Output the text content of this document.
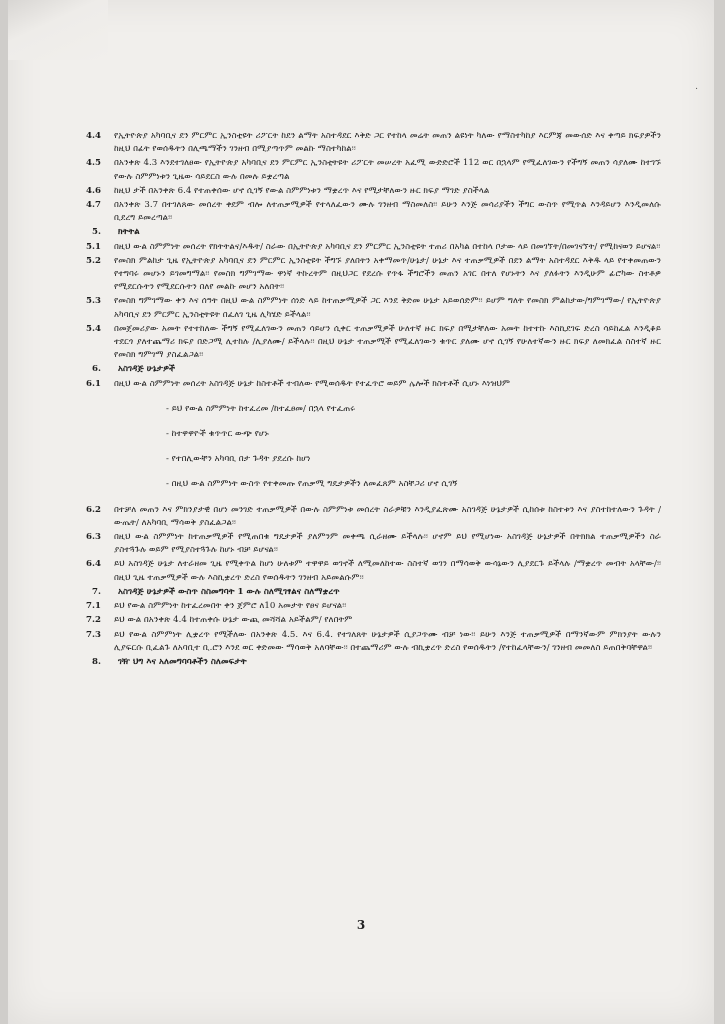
.
4.4	የኢትዮጵያ አካባቢና ደን ምርምር ኢንስቲዩት ሪፖርት ከደን ልማት አስተዳደር እቅድ ጋር የተከላ መሬት መጠን ልዩነት ካለው የማስተካከያ እርምጃ መውሰድ እና ቀጣይ ክፍያዎችን ከዚህ በፊት የወሰዱትን በሊጫማችን ገንዘብ በሚያጣጥም መልኩ ማስተካከል፡፡
4.5	በአንቀጽ 4.3 እንደተገለፀው የኢትዮጵያ አካባቢና ደን ምርምር ኢንስቲትዩት ሪፖርት መሠረት አፈሚ ውድድሮች 112 ወር በኋላም የሚፈለገውን የችግኝ መጠን ሳያለሙ ከተገኙ የውሉ ስምምነቱን ጊዜው ሳይደርስ ውሉ በመሉ ይቋረጣል
4.6	ከዚህ ታች በአንቀጽ 6.4 የተጠቀሰው ሆኖ ሲገኝ የውል ስምምነቱን ማቋረጥ እና የሚታቸለውን ዙር ክፍያ ማገድ ያስችላል
4.7	በአንቀጽ 3.7 በተገለጸው መሰረት ቀደም ብሎ ለተጠቃሚዎች የተላለፈውን ሙሉ ገንዘብ ማስመለስ፡፡ ይሁን እንጅ መሳሪያችን ችግር ውስጥ የሚጥል እንዳይሆን እንዲመለሱ ቢደረግ ይመረጣል፡፡
5.	ክትትል
5.1	በዚህ ውል ስምምነት መሰረት የክትትልና/እዱት/ ስራው በኢትዮጵያ አካባቢና ደን ምርምር ኢንስቲዩት ተጠሪ በአካል በተከላ ቦታው ላይ በመገኘት/በመገናኘት/ የሚከናወን ይሆናል፡፡
5.2	የመስክ ምልከታ ጊዜ የኢትዮጵያ አካባቢና ደን ምርምር ኢንስቲዩት ችግኙ ያለበትን አቀማመጥ/ሁኔታ/ ሁኔታ እና ተጠቃሚዎች በደን ልማት አስተዳደር እቅዱ ላይ የተቀመጠውን የተግባሩ መሆኑን ይገመግማል፡፡ የመስክ ግምገማው ዋነኛ ትኩረትም በዚህጋር የደረሱ የጥፋ ችግሮችን መጠን አገር በተለ የሆኑትን እና ያለፉትን እንዲሁም ፊሮካው ስተቶዎ የሚደርሱትን የሚደርሱትን በለየ መልኩ መሆን አለበት፡፡
5.3	የመስክ ግምገማው ቀን እና ሰዓት በዚህ ውል ስምምነት ሰነድ ላይ ከተጠቃሚዎች ጋር እንደ ቅድመ ሁኔታ አይወሰድም፡፡ ይሆም ግለት የመስክ ምልከታው/ግምገማው/ የኢትዮጵያ አካባቢና ደን ምርምር ኢንስቲትዩት በፈለገ ጊዜ ሊካሄድ ይችላል፡፡
5.4	በመጀመሪያው አመት የተተከለው ችግኝ የሚፈለገውን መጠን ሳይሆን ሲቀር ተጠቃሚዎች ሁለተኛ ዙር ክፍያ በሚታቸለው አመት ከተተኩ እስኪደገፍ ድረስ ሳይከፈል እንዲቆይ ተደርጎ ያለተጨማሪ ክፍያ በድጋሚ ሊተከሉ /ሊያለሙ/ ይችላሉ፡፡ በዚህ ሁኔታ ተጠቃሚች የሚፈለገውን ቁጥር ያለሙ ሆኖ ሲገኝ የሁለተኛውን ዙር ክፍያ ለመክፈል ስስተኛ ዙር የመስክ ግምገማ ያስፈልጋል፡፡
6.	አስገዳጅ ሁኔታዎች
6.1	በዚህ ውል ስምምነት መሰረት አስገዳጅ ሁኔታ ከስተቶች ተብለው የሚወሰዱት የተፈጥሮ ወይም ሌሎች ክስተቶች ሲሆኑ እነዝህም
- ይህ የውል ስምምነት ከተፈረመ /ከተፈፀመ/ በኋላ የተፈጠሩ
- ከተዋዋዮች ቁጥጥር ውጭ የሆኑ
- የተበሊውቸን አካባቢ በታ ጉዳት ያደረሱ ከሆነ
- በዚህ ውል ስምምነት ውስጥ የተቀመጡ የጠቃሚ ግዴታዎችን ለመፈጸም አስቸጋሪ ሆኖ ሲገኝ
6.2	በተቻለ መጠን እና ምክንያታዊ በሆነ መንገድ ተጠቃሚዎች በውሉ ስምምነቱ መሰረት ስራዎቹን እንዲያፈጽሙ አስገዳጅ ሁኔታዎች ሲከሰቱ ከስተቱን እና ያስተከተለውን ጉዳት /ውጤት/ ለአካባቢ ማሳወቅ ያስፈልጋል፡፡
6.3	በዚህ ውል ስምምነት ከተጠቃሚዎች የሚጠበቁ ግዴታዎች ያለምንም መቀጫ ሲራዘሙ ይችላሉ፡፡ ሆኖም ይህ የሚሆነው አስገዳጅ ሁኔታዎች በትክክል ተጠቃሚዎችን ስራ ያስተጓጉሉ ወይም የሚያስተጓጉሉ ከሆኑ ብቻ ይሆናል፡፡
6.4	ይህ አስገዳጅ ሁኔታ ለተራዘመ ጊዜ የሚቀጥል ከሆነ ሁለቱም ተዋዋይ ወገኖች ለሚመለከተው ስስተኛ ወገን በማሳወቅ ውሳኔውን ሊያደርጉ ይችላሉ /ማቋረጥ መብት አላቸው/፡፡ በዚህ ጊዜ ተጠቃሚዎች ውሉ እስኪቋረጥ ድረስ የወሰዱትን ገንዘብ አይመልሱም፡፡
7.	አስገዳጅ ሁኔታዎች ውስጥ ስስመግባት 1 ውሉ ስለሚገፃልና ስለማቋረጥ
7.1	ይህ የውል ስምምነት ከተፈረመበት ቀን ጀምሮ ለ10 አመታት የፀና ይሆናል፡፡
7.2	ይህ ውል በአንቀጽ 4.4 ከተጠቀሱ ሁኔታ ውጪ መሻሻል አይችልም/ የለበትም
7.3	ይህ የውል ስምምነት ሊቋረጥ የሚችለው በአንቀጽ 4.5. እና 6.4. የተገለጸት ሁኔታዎች ሲያጋጥሙ ብቻ ነው፡፡ ይሁን እንጅ ተጠቃሚዎች በማንኛውም ምክንያት ውሉን ሊያፍርሱ ቢፈልጉ ለአባቢተ ቢ.ሮን እንደ ወር ቀድመው ማሳወቅ አለባቸው፡፡ በተጨማሪም ውሉ ብኪቋረጥ ድረስ የወሰዱትን /የተከፈላቸውን/ ገንዘብ መመለስ ይጠበቅባቸዋል፡፡
8.	ገዥ ህግ እና አለመግባባቶችን ስለመፍታት
3
